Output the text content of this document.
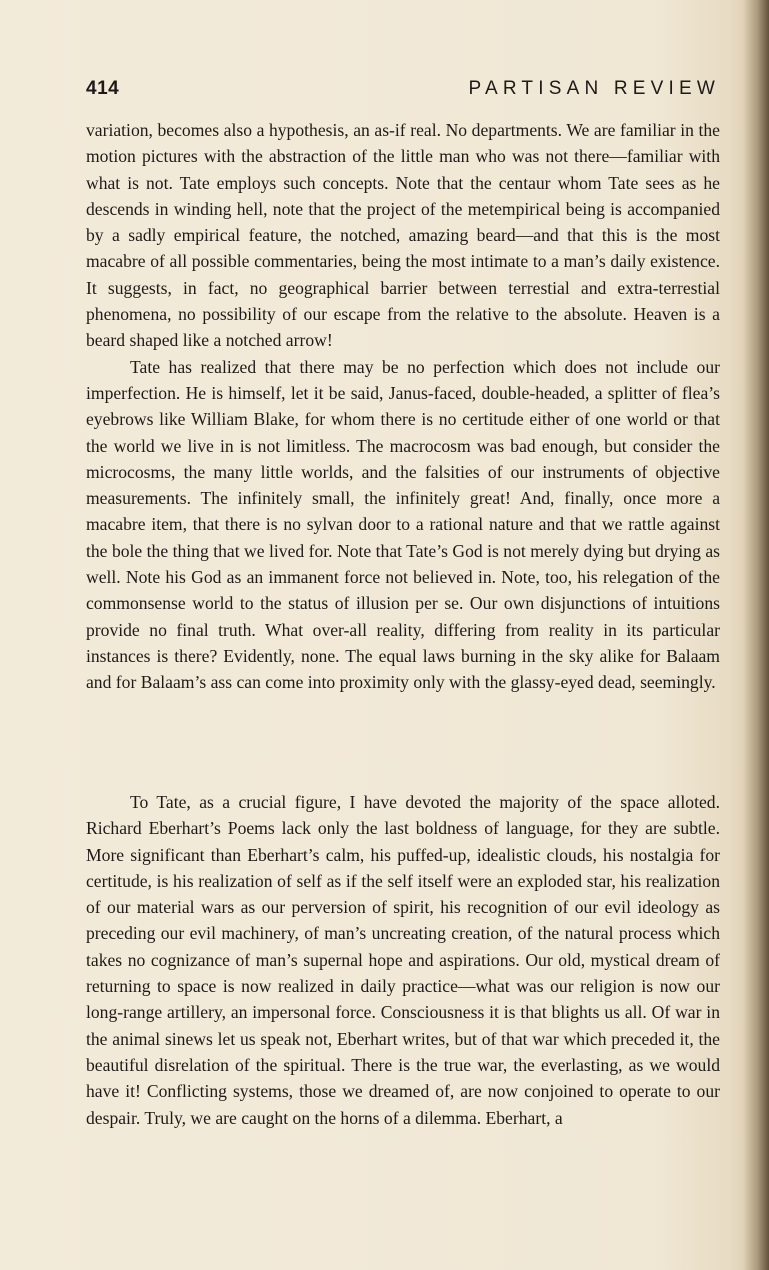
414	PARTISAN REVIEW

variation, becomes also a hypothesis, an as-if real. No departments. We are familiar in the motion pictures with the abstraction of the little man who was not there—familiar with what is not. Tate employs such concepts. Note that the centaur whom Tate sees as he descends in winding hell, note that the project of the metempirical being is accompanied by a sadly empirical feature, the notched, amazing beard—and that this is the most macabre of all possible commentaries, being the most intimate to a man’s daily existence. It suggests, in fact, no geographical barrier between terrestial and extra-terrestial phenomena, no possibility of our escape from the relative to the absolute. Heaven is a beard shaped like a notched arrow!

Tate has realized that there may be no perfection which does not include our imperfection. He is himself, let it be said, Janus-faced, double-headed, a splitter of flea’s eyebrows like William Blake, for whom there is no certitude either of one world or that the world we live in is not limitless. The macrocosm was bad enough, but consider the microcosms, the many little worlds, and the falsities of our instruments of objective measurements. The infinitely small, the infinitely great! And, finally, once more a macabre item, that there is no sylvan door to a rational nature and that we rattle against the bole the thing that we lived for. Note that Tate’s God is not merely dying but drying as well. Note his God as an immanent force not believed in. Note, too, his relegation of the commonsense world to the status of illusion per se. Our own disjunctions of intuitions provide no final truth. What over-all reality, differing from reality in its particular instances is there? Evidently, none. The equal laws burning in the sky alike for Balaam and for Balaam’s ass can come into proximity only with the glassy-eyed dead, seemingly.

To Tate, as a crucial figure, I have devoted the majority of the space alloted. Richard Eberhart’s Poems lack only the last boldness of language, for they are subtle. More significant than Eberhart’s calm, his puffed-up, idealistic clouds, his nostalgia for certitude, is his realization of self as if the self itself were an exploded star, his realization of our material wars as our perversion of spirit, his recognition of our evil ideology as preceding our evil machinery, of man’s uncreating creation, of the natural process which takes no cognizance of man’s supernal hope and aspirations. Our old, mystical dream of returning to space is now realized in daily practice—what was our religion is now our long-range artillery, an impersonal force. Consciousness it is that blights us all. Of war in the animal sinews let us speak not, Eberhart writes, but of that war which preceded it, the beautiful disrelation of the spiritual. There is the true war, the everlasting, as we would have it! Conflicting systems, those we dreamed of, are now conjoined to operate to our despair. Truly, we are caught on the horns of a dilemma. Eberhart, a
